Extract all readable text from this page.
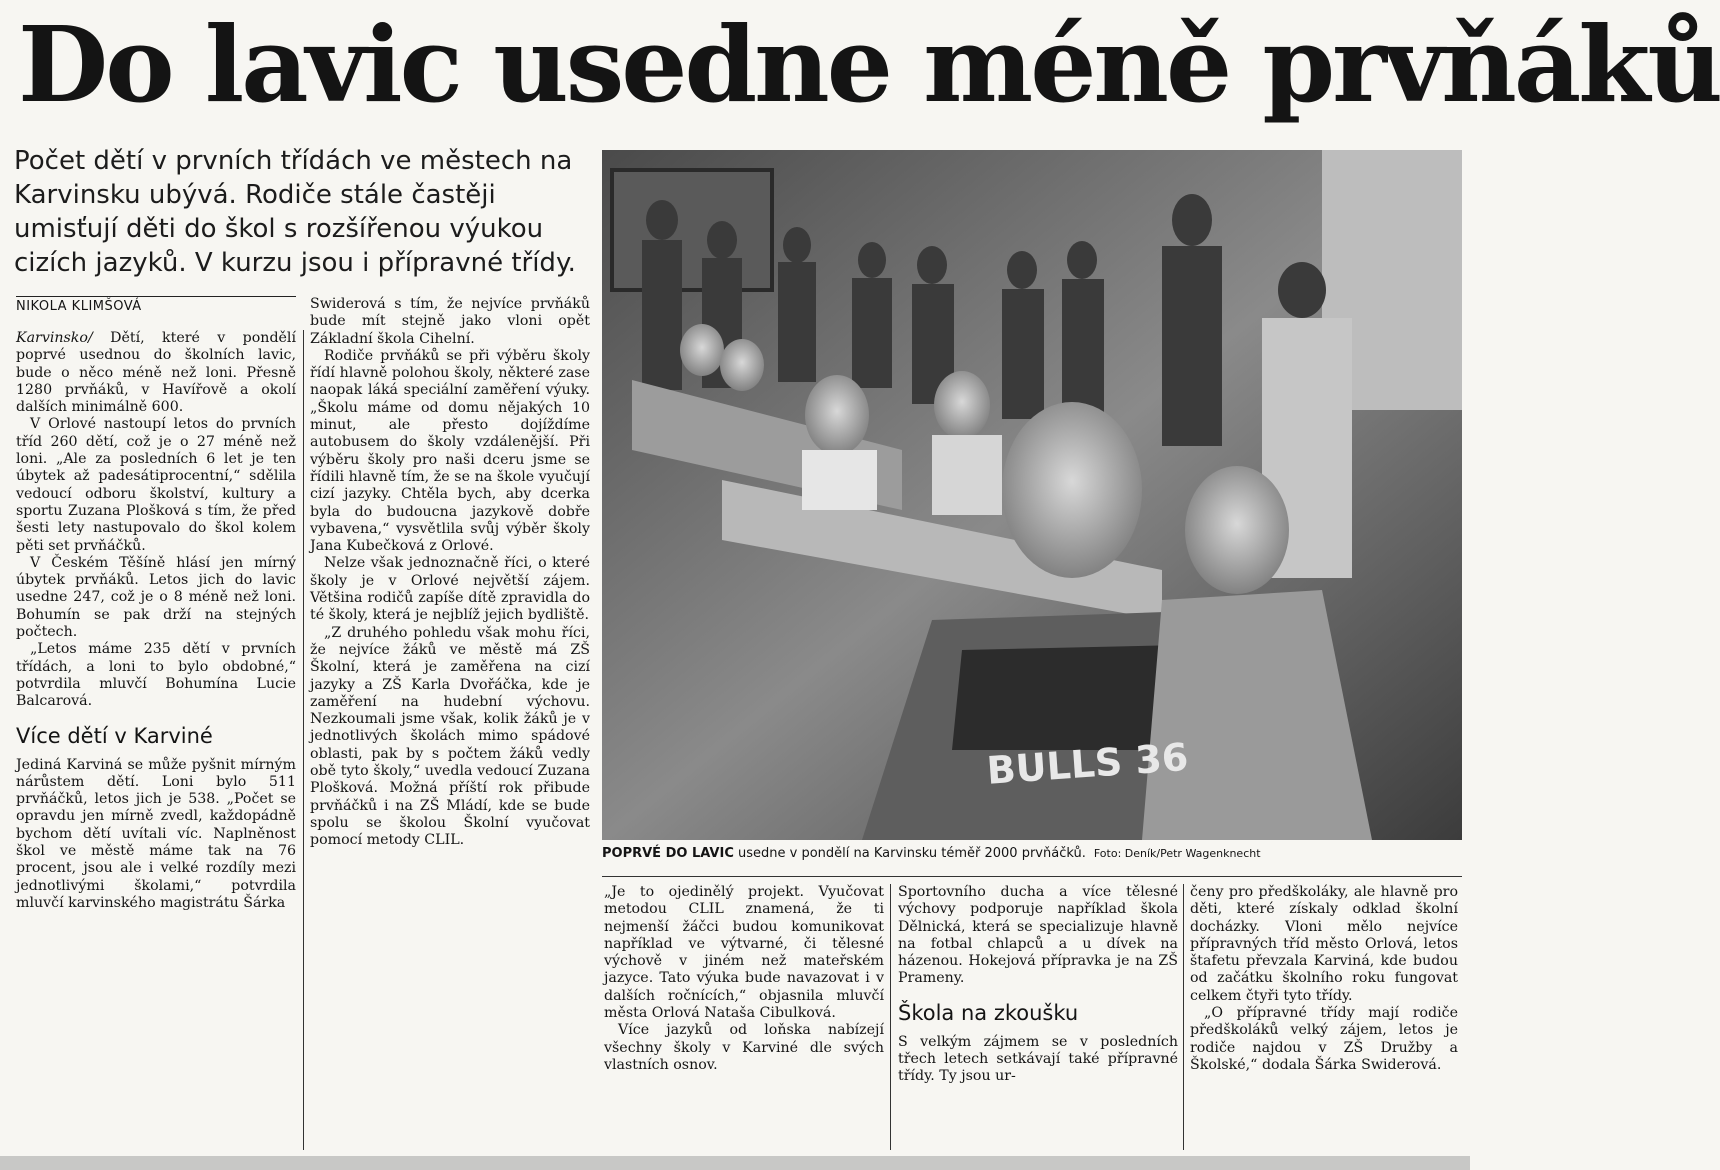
Do lavic usedne méně prvňáků

Počet dětí v prvních třídách ve městech na Karvinsku ubývá. Rodiče stále častěji umisťují děti do škol s rozšířenou výukou cizích jazyků. V kurzu jsou i přípravné třídy.

NIKOLA KLIMŠOVÁ

Karvinsko/ Dětí, které v pondělí poprvé usednou do školních lavic, bude o něco méně než loni. Přesně 1280 prvňáků, v Havířově a okolí dalších minimálně 600.

V Orlové nastoupí letos do prvních tříd 260 dětí, což je o 27 méně než loni. „Ale za posledních 6 let je ten úbytek až padesátiprocentní,“ sdělila vedoucí odboru školství, kultury a sportu Zuzana Plošková s tím, že před šesti lety nastupovalo do škol kolem pěti set prvňáčků.

V Českém Těšíně hlásí jen mírný úbytek prvňáků. Letos jich do lavic usedne 247, což je o 8 méně než loni. Bohumín se pak drží na stejných počtech.

„Letos máme 235 dětí v prvních třídách, a loni to bylo obdobné,“ potvrdila mluvčí Bohumína Lucie Balcarová.

Více dětí v Karviné

Jediná Karviná se může pyšnit mírným nárůstem dětí. Loni bylo 511 prvňáčků, letos jich je 538. „Počet se opravdu jen mírně zvedl, každopádně bychom dětí uvítali víc. Naplněnost škol ve městě máme tak na 76 procent, jsou ale i velké rozdíly mezi jednotlivými školami,“ potvrdila mluvčí karvinského magistrátu Šárka

Swiderová s tím, že nejvíce prvňáků bude mít stejně jako vloni opět Základní škola Cihelní.

Rodiče prvňáků se při výběru školy řídí hlavně polohou školy, některé zase naopak láká speciální zaměření výuky. „Školu máme od domu nějakých 10 minut, ale přesto dojíždíme autobusem do školy vzdálenější. Při výběru školy pro naši dceru jsme se řídili hlavně tím, že se na škole vyučují cizí jazyky. Chtěla bych, aby dcerka byla do budoucna jazykově dobře vybavena,“ vysvětlila svůj výběr školy Jana Kubečková z Orlové.

Nelze však jednoznačně říci, o které školy je v Orlové největší zájem. Většina rodičů zapíše dítě zpravidla do té školy, která je nejblíž jejich bydliště.

„Z druhého pohledu však mohu říci, že nejvíce žáků ve městě má ZŠ Školní, která je zaměřena na cizí jazyky a ZŠ Karla Dvořáčka, kde je zaměření na hudební výchovu. Nezkoumali jsme však, kolik žáků je v jednotlivých školách mimo spádové oblasti, pak by s počtem žáků vedly obě tyto školy,“ uvedla vedoucí Zuzana Plošková. Možná příští rok přibude prvňáčků i na ZŠ Mládí, kde se bude spolu se školou Školní vyučovat pomocí metody CLIL.

BULLS 36
POPRVÉ DO LAVIC usedne v pondělí na Karvinsku téměř 2000 prvňáčků. Foto: Deník/Petr Wagenknecht

„Je to ojedinělý projekt. Vyučovat metodou CLIL znamená, že ti nejmenší žáčci budou komunikovat například ve výtvarné, či tělesné výchově v jiném než mateřském jazyce. Tato výuka bude navazovat i v dalších ročnících,“ objasnila mluvčí města Orlová Nataša Cibulková.

Více jazyků od loňska nabízejí všechny školy v Karviné dle svých vlastních osnov.

Sportovního ducha a více tělesné výchovy podporuje například škola Dělnická, která se specializuje hlavně na fotbal chlapců a u dívek na házenou. Hokejová přípravka je na ZŠ Prameny.

Škola na zkoušku

S velkým zájmem se v posledních třech letech setkávají také přípravné třídy. Ty jsou ur-

čeny pro předškoláky, ale hlavně pro děti, které získaly odklad školní docházky. Vloni mělo nejvíce přípravných tříd město Orlová, letos štafetu převzala Karviná, kde budou od začátku školního roku fungovat celkem čtyři tyto třídy.

„O přípravné třídy mají rodiče předškoláků velký zájem, letos je rodiče najdou v ZŠ Družby a Školské,“ dodala Šárka Swiderová.
